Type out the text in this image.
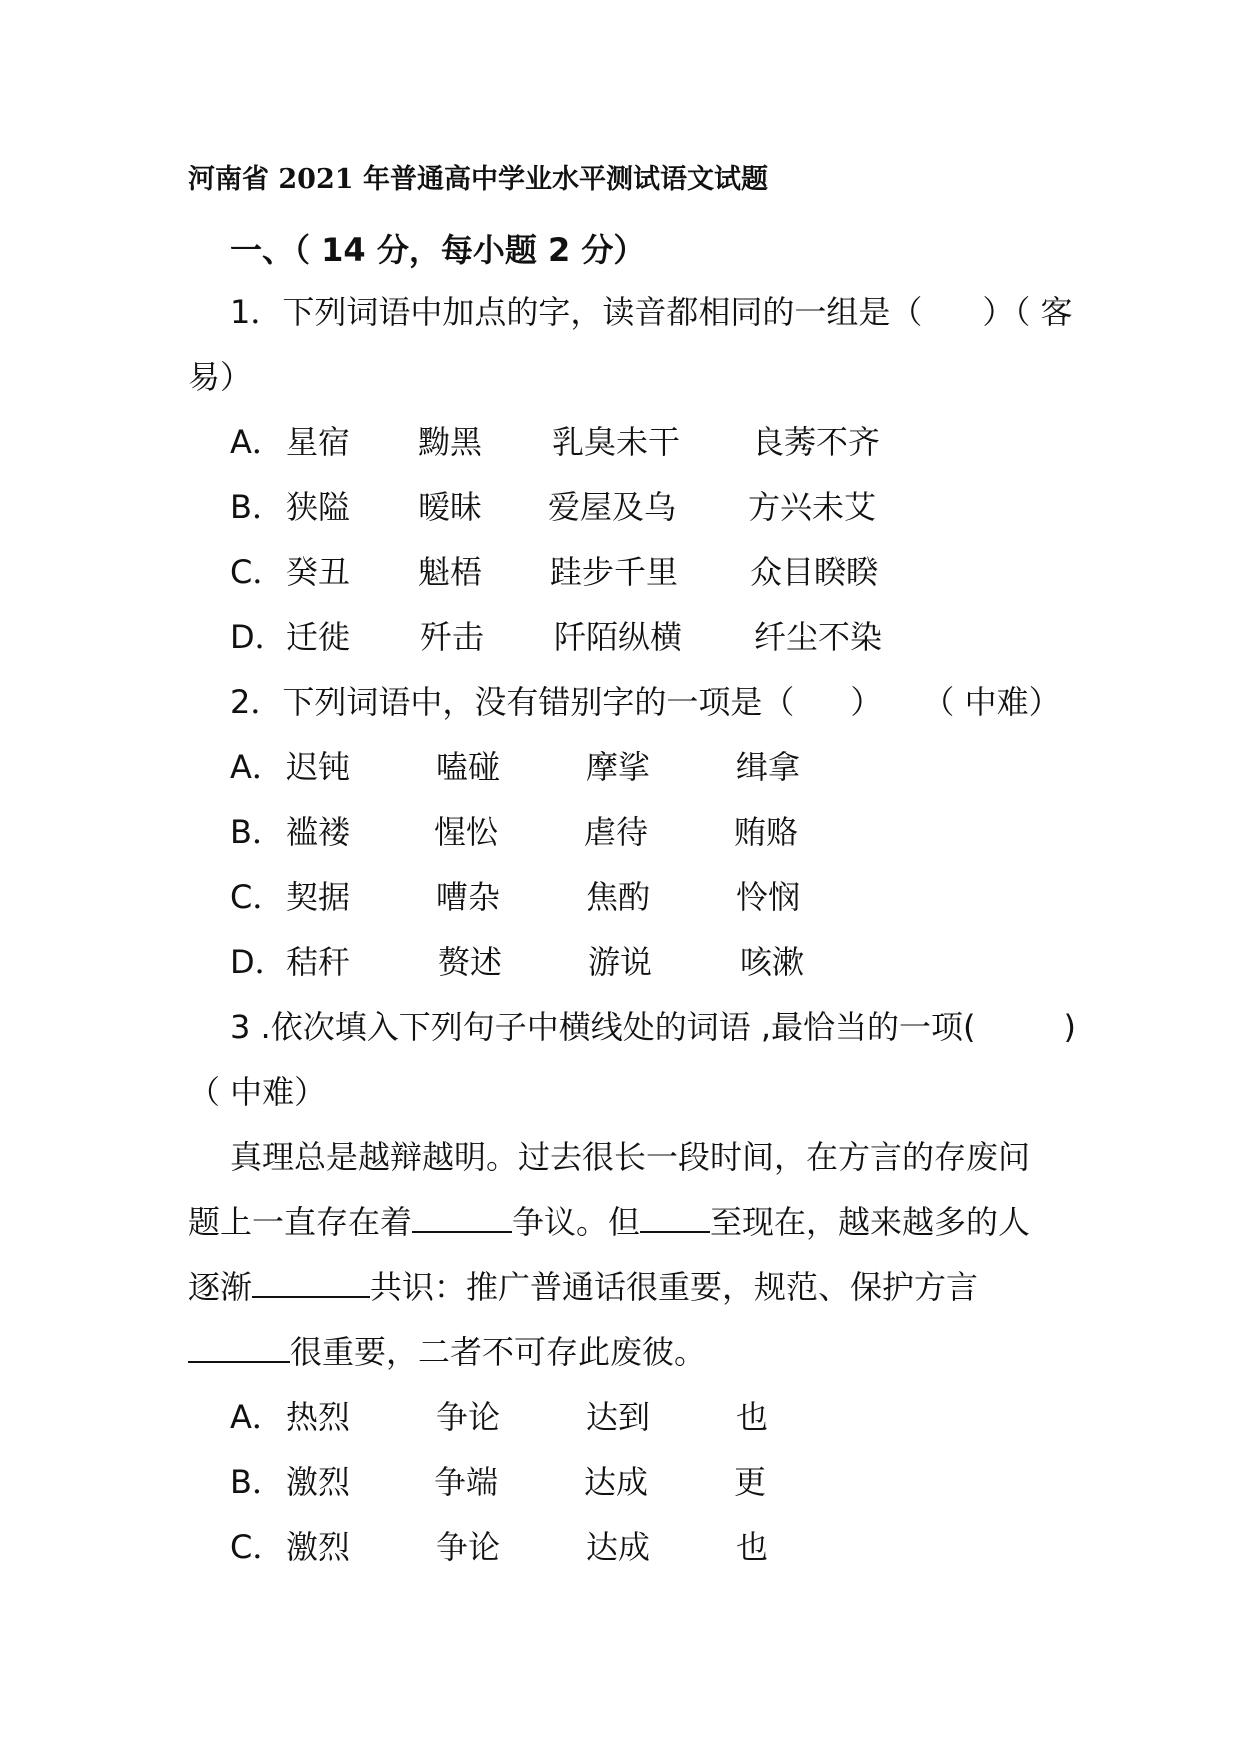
河南省 2021 年普通高中学业水平测试语文试题
一、（ 14 分，每小题 2 分）
1．下列词语中加点的字，读音都相同的一组是（ ）（ 客
易）
A． 星宿 黝黑 乳臭未干 良莠不齐
B． 狭隘 暧昧 爱屋及乌 方兴未艾
C． 癸丑 魁梧 跬步千里 众目睽睽
D． 迁徙 歼击 阡陌纵横 纤尘不染
2．下列词语中，没有错别字的一项是（ ） （ 中难）
A． 迟钝	嗑碰	摩挲	缉拿
B． 褴褛	惺忪	虐待	贿赂
C． 契据	嘈杂	焦酌	怜悯
D． 秸秆	赘述	游说	咳漱
3 .依次填入下列句子中横线处的词语 ,最恰当的一项(	)
（ 中难）
真理总是越辩越明。过去很长一段时间，在方言的存废问
题上一直存在着	争议。但 至现在，越来越多的人
逐渐	共识：推广普通话很重要，规范、保护方言
很重要，二者不可存此废彼。
A． 热烈	争论	达到	也
B． 激烈	争端	达成	更
C． 激烈	争论	达成	也
